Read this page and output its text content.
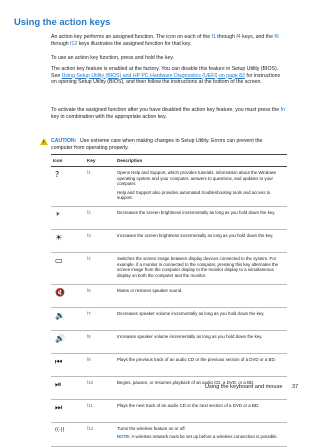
Using the action keys
An action key performs an assigned function. The icon on each of the f1 through f4 keys, and the f6 through f12 keys illustrates the assigned function for that key.
To use an action key function, press and hold the key.
The action key feature is enabled at the factory. You can disable this feature in Setup Utility (BIOS). See Using Setup Utility (BIOS) and HP PC Hardware Diagnostics (UEFI) on page 83 for instructions on opening Setup Utility (BIOS), and then follow the instructions at the bottom of the screen.
To activate the assigned function after you have disabled the action key feature, you must press the fn key in combination with the appropriate action key.
! CAUTION: Use extreme care when making changes in Setup Utility. Errors can prevent the
computer from operating properly.
Icon	Key	Description
?	f1	Opens Help and Support, which provides tutorials, information about the Windows operating system and your computer, answers to questions, and updates to your computer.

Help and Support also provides automated troubleshooting tools and access to support.

☀	f2	Decreases the screen brightness incrementally as long as you hold down the key.

☀	f3	Increases the screen brightness incrementally as long as you hold down the key.

▭	f4	Switches the screen image between display devices connected to the system. For example, if a monitor is connected to the computer, pressing this key alternates the screen image from the computer display to the monitor display to a simultaneous display on both the computer and the monitor.

🔇	f6	Mutes or restores speaker sound.

🔉	f7	Decreases speaker volume incrementally as long as you hold down the key.

🔊	f8	Increases speaker volume incrementally as long as you hold down the key.

⏮	f9	Plays the previous track of an audio CD or the previous section of a DVD or a BD.

⏯	f10	Begins, pauses, or resumes playback of an audio CD, a DVD, or a BD.

⏭	f11	Plays the next track of an audio CD or the next section of a DVD or a BD.

((·))	f12	Turns the wireless feature on or off.

NOTE: A wireless network must be set up before a wireless connection is possible.

Using the keyboard and mouse 37
